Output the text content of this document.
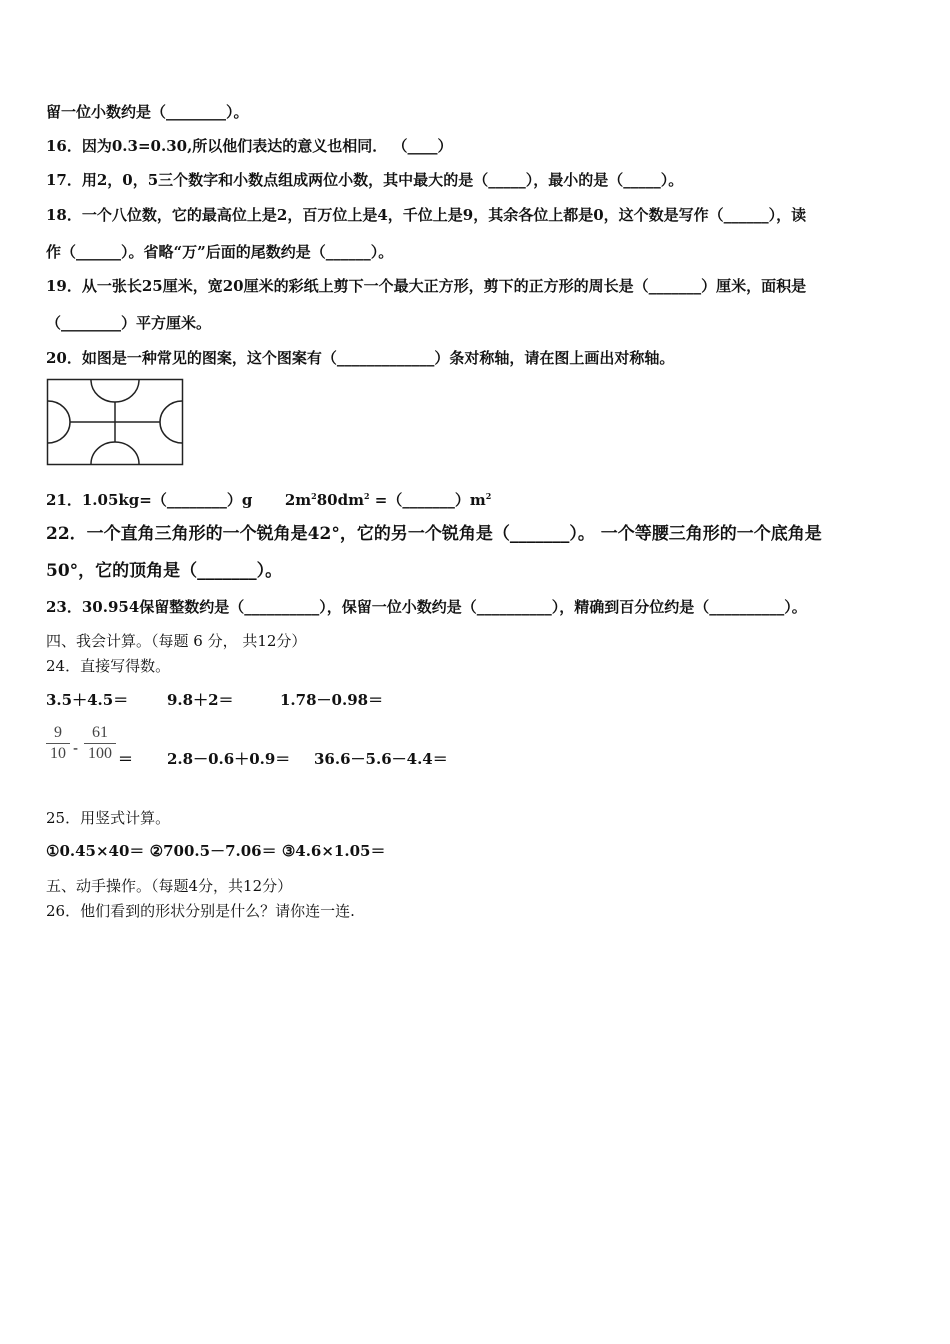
留一位小数约是（________）。
16．因为0.3=0.30,所以他们表达的意义也相同． （____）
17．用2，0，5三个数字和小数点组成两位小数，其中最大的是（_____），最小的是（_____）。
18．一个八位数，它的最高位上是2，百万位上是4，千位上是9，其余各位上都是0，这个数是写作（______），读
作（______）。省略“万”后面的尾数约是（______）。
19．从一张长25厘米，宽20厘米的彩纸上剪下一个最大正方形，剪下的正方形的周长是（_______）厘米，面积是
（________）平方厘米。
20．如图是一种常见的图案，这个图案有（_____________）条对称轴，请在图上画出对称轴。
21．1.05kg=（________）g $2m^280dm^2$ $=(\_\_\_\_\_\_\_)m^2$
22．一个直角三角形的一个锐角是42°，它的另一个锐角是（_______）。 一个等腰三角形的一个底角是
50°，它的顶角是（_______）。
23．30.954保留整数约是（__________），保留一位小数约是（__________），精确到百分位约是（__________）。
四、我会计算。（每题 6 分， 共12分）
24．直接写得数。
3.5＋4.5＝	9.8＋2＝	1.78－0.98＝
$\frac{9}{10} - \frac{61}{100} = 2.8-0.6+0.9= 36.6-5.6-4.4=$
25．用竖式计算。
①0.45×40＝ ②700.5－7.06＝ ③4.6×1.05＝
五、动手操作。（每题4分，共12分）
26．他们看到的形状分别是什么？请你连一连.
